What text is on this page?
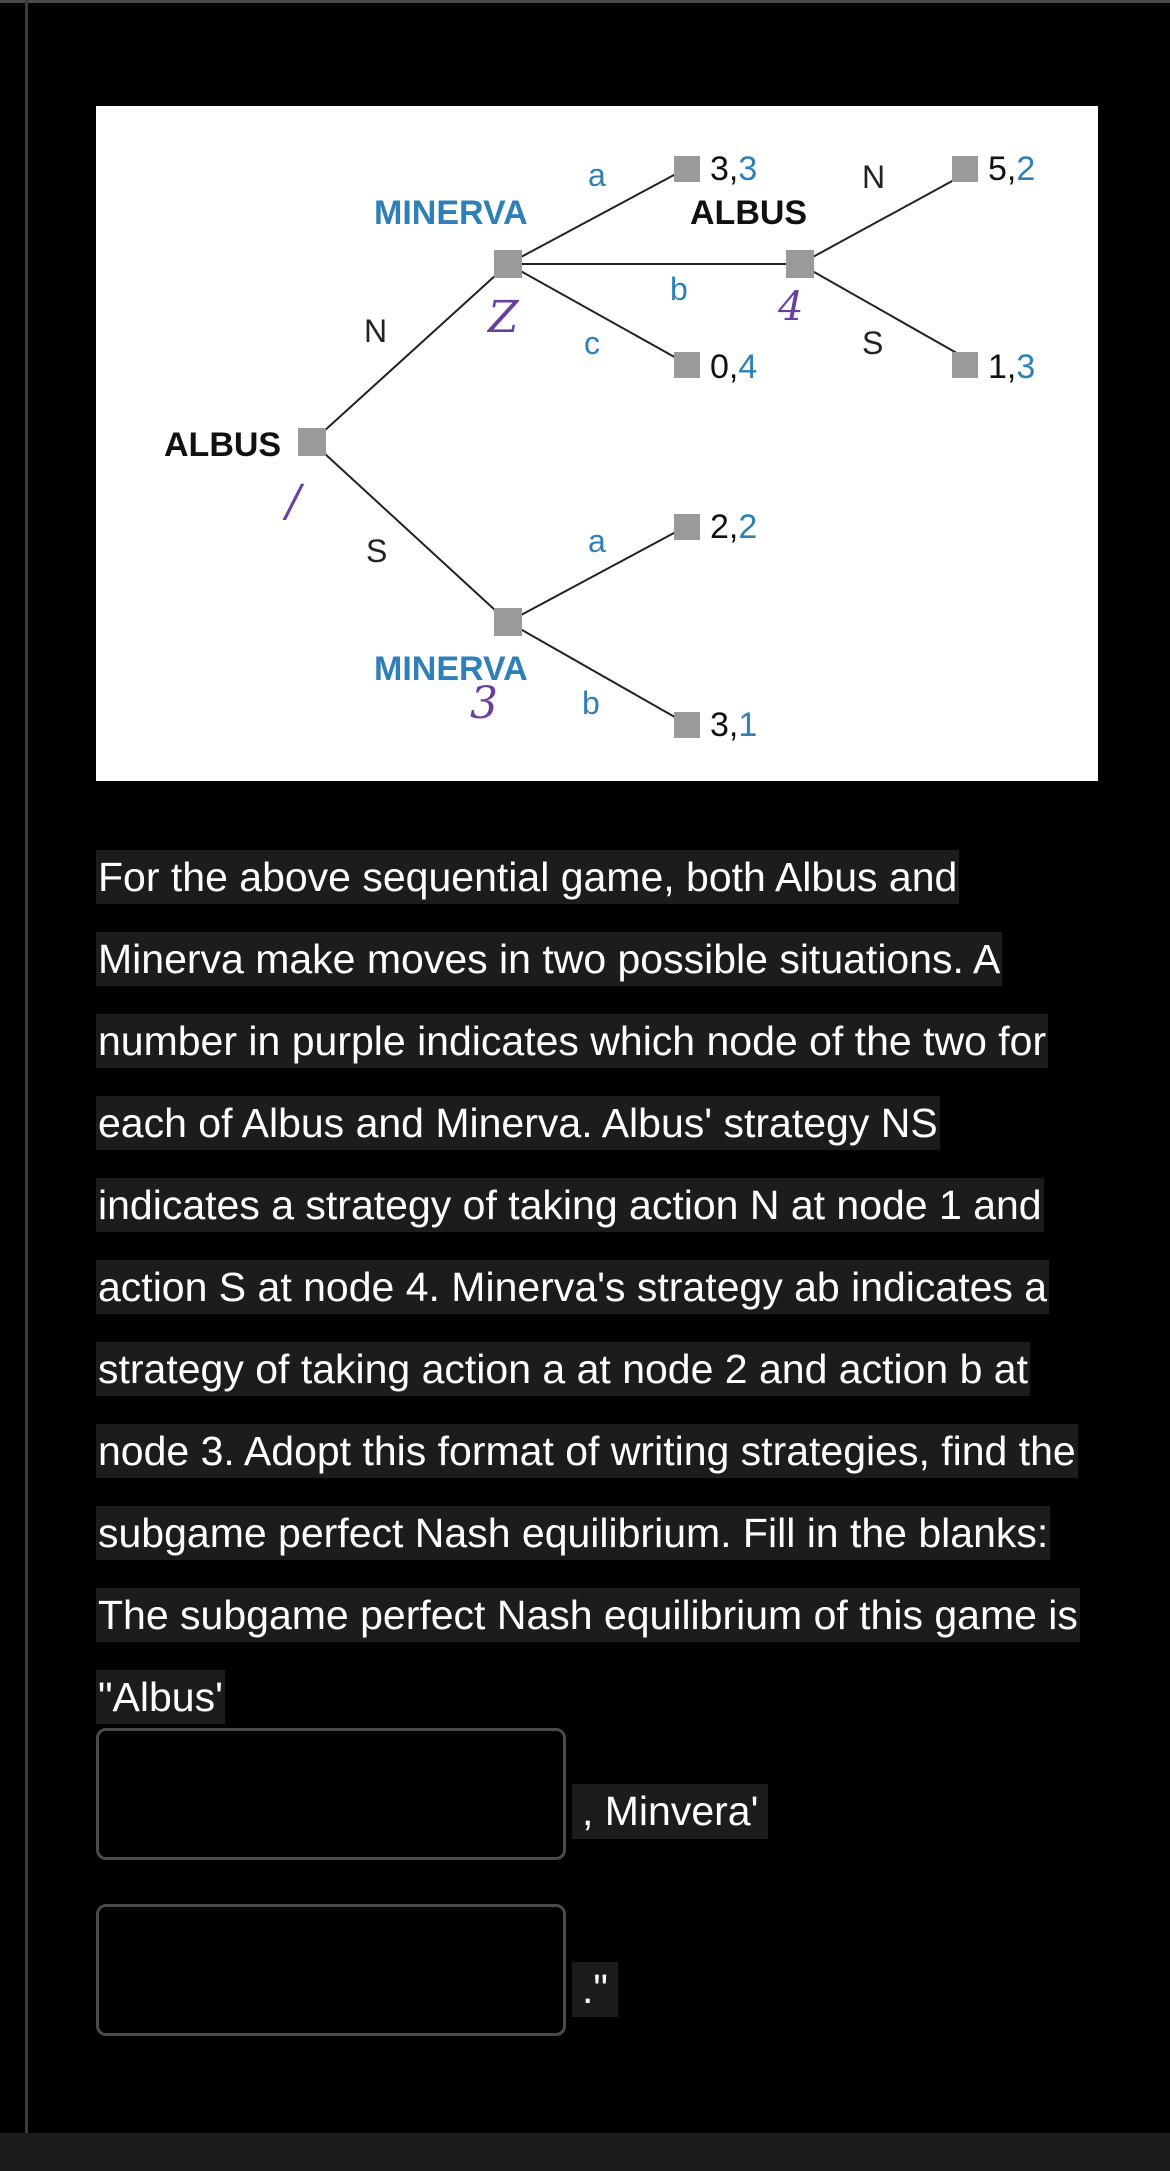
ALBUS
MINERVA	ALBUS
MINERVA
N
S
a
b
c
N
S
a
b
/
Z
3
4
3,3
0,4
5,2
1,3
2,2
3,1
For the above sequential game, both Albus and Minerva make moves in two possible situations. A number in purple indicates which node of the two for each of Albus and Minerva. Albus' strategy NS indicates a strategy of taking action N at node 1 and action S at node 4. Minerva's strategy ab indicates a strategy of taking action a at node 2 and action b at node 3. Adopt this format of writing strategies, find the subgame perfect Nash equilibrium. Fill in the blanks: The subgame perfect Nash equilibrium of this game is "Albus'
, Minvera'
."
